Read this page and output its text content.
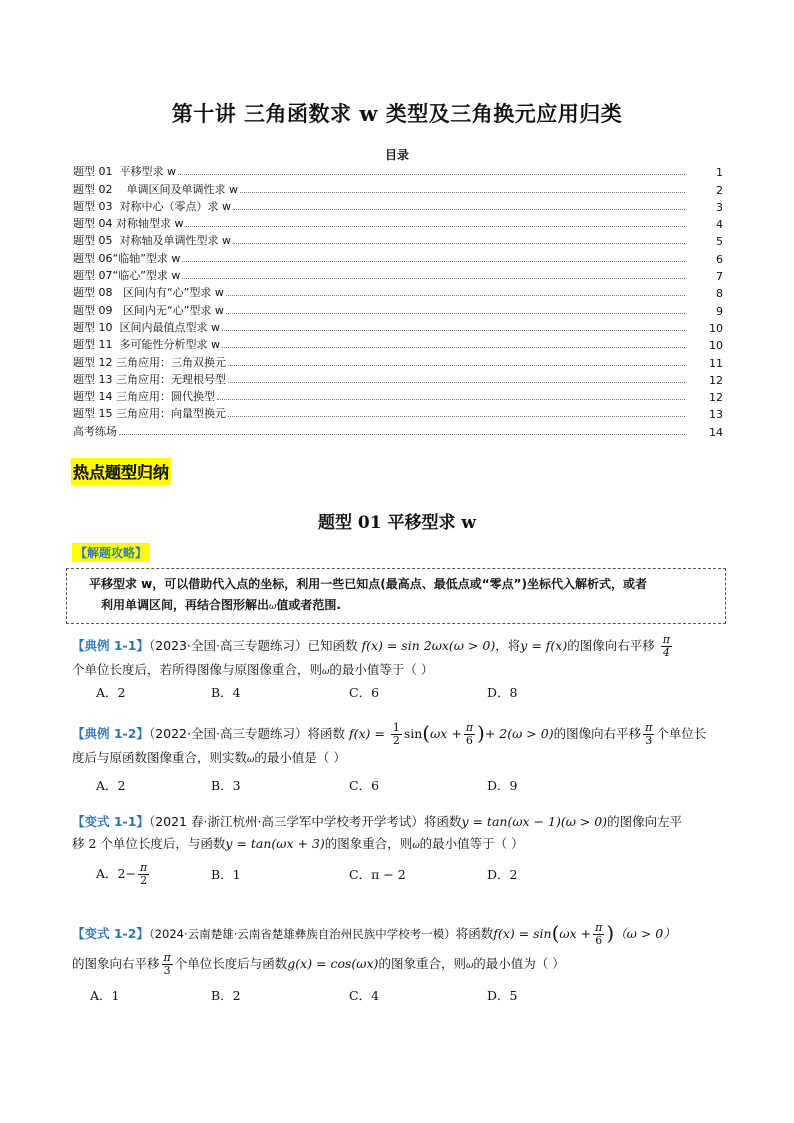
第十讲 三角函数求 w 类型及三角换元应用归类
目录
题型 01  平移型求 w	1
题型 02    单调区间及单调性求 w	2
题型 03  对称中心（零点）求 w	3
题型 04 对称轴型求 w	4
题型 05  对称轴及单调性型求 w	5
题型 06“临轴”型求 w	6
题型 07“临心”型求 w	7
题型 08   区间内有“心”型求 w	8
题型 09   区间内无“心”型求 w	9
题型 10  区间内最值点型求 w	10
题型 11  多可能性分析型求 w	10
题型 12 三角应用：三角双换元	11
题型 13 三角应用：无理根号型	12
题型 14 三角应用：圆代换型	12
题型 15 三角应用：向量型换元	13
高考练场	14
热点题型归纳
题型 01 平移型求 w
【解题攻略】
平移型求 w，可以借助代入点的坐标，利用一些已知点(最高点、最低点或“零点”)坐标代入解析式，或者
利用单调区间，再结合图形解出ω值或者范围.
【典例 1-1】（2023·全国·高三专题练习）已知函数 f(x) = sin 2ωx(ω > 0)，将y = f(x)的图像向右平移 $\frac{\pi}{4}$
个单位长度后，若所得图像与原图像重合，则ω的最小值等于（ ）
A．2	B．4	C．6	D．8
【典例 1-2】（2022·全国·高三专题练习）将函数 $f(x) = \frac{1}{2} \sin(\omega x + \frac{\pi}{6}$ )+ 2(ω > 0)的图像向右平移 $\frac{\pi}{3}$ 个单位长
度后与原函数图像重合，则实数ω的最小值是（ ）
A．2	B．3	C．6	D．9
【变式 1-1】（2021 春·浙江杭州·高三学军中学校考开学考试）将函数y = tan(ωx − 1)(ω > 0)的图像向左平
移 2 个单位长度后，与函数y = tan(ωx + 3)的图象重合，则ω的最小值等于（ ）
A．$2- \frac{\pi}{2}$	B．1	C．π − 2	D．2
【变式 1-2】（2024·云南楚雄·云南省楚雄彝族自治州民族中学校考一模）将函数$f(x) = \sin(\omega x + \frac{\pi}{6} )(\omega > 0)$
的图象向右平移 $\frac{\pi}{3}$ 个单位长度后与函数g(x) = cos(ωx)的图象重合，则ω的最小值为（ ）
A．1	B．2	C．4	D．5
